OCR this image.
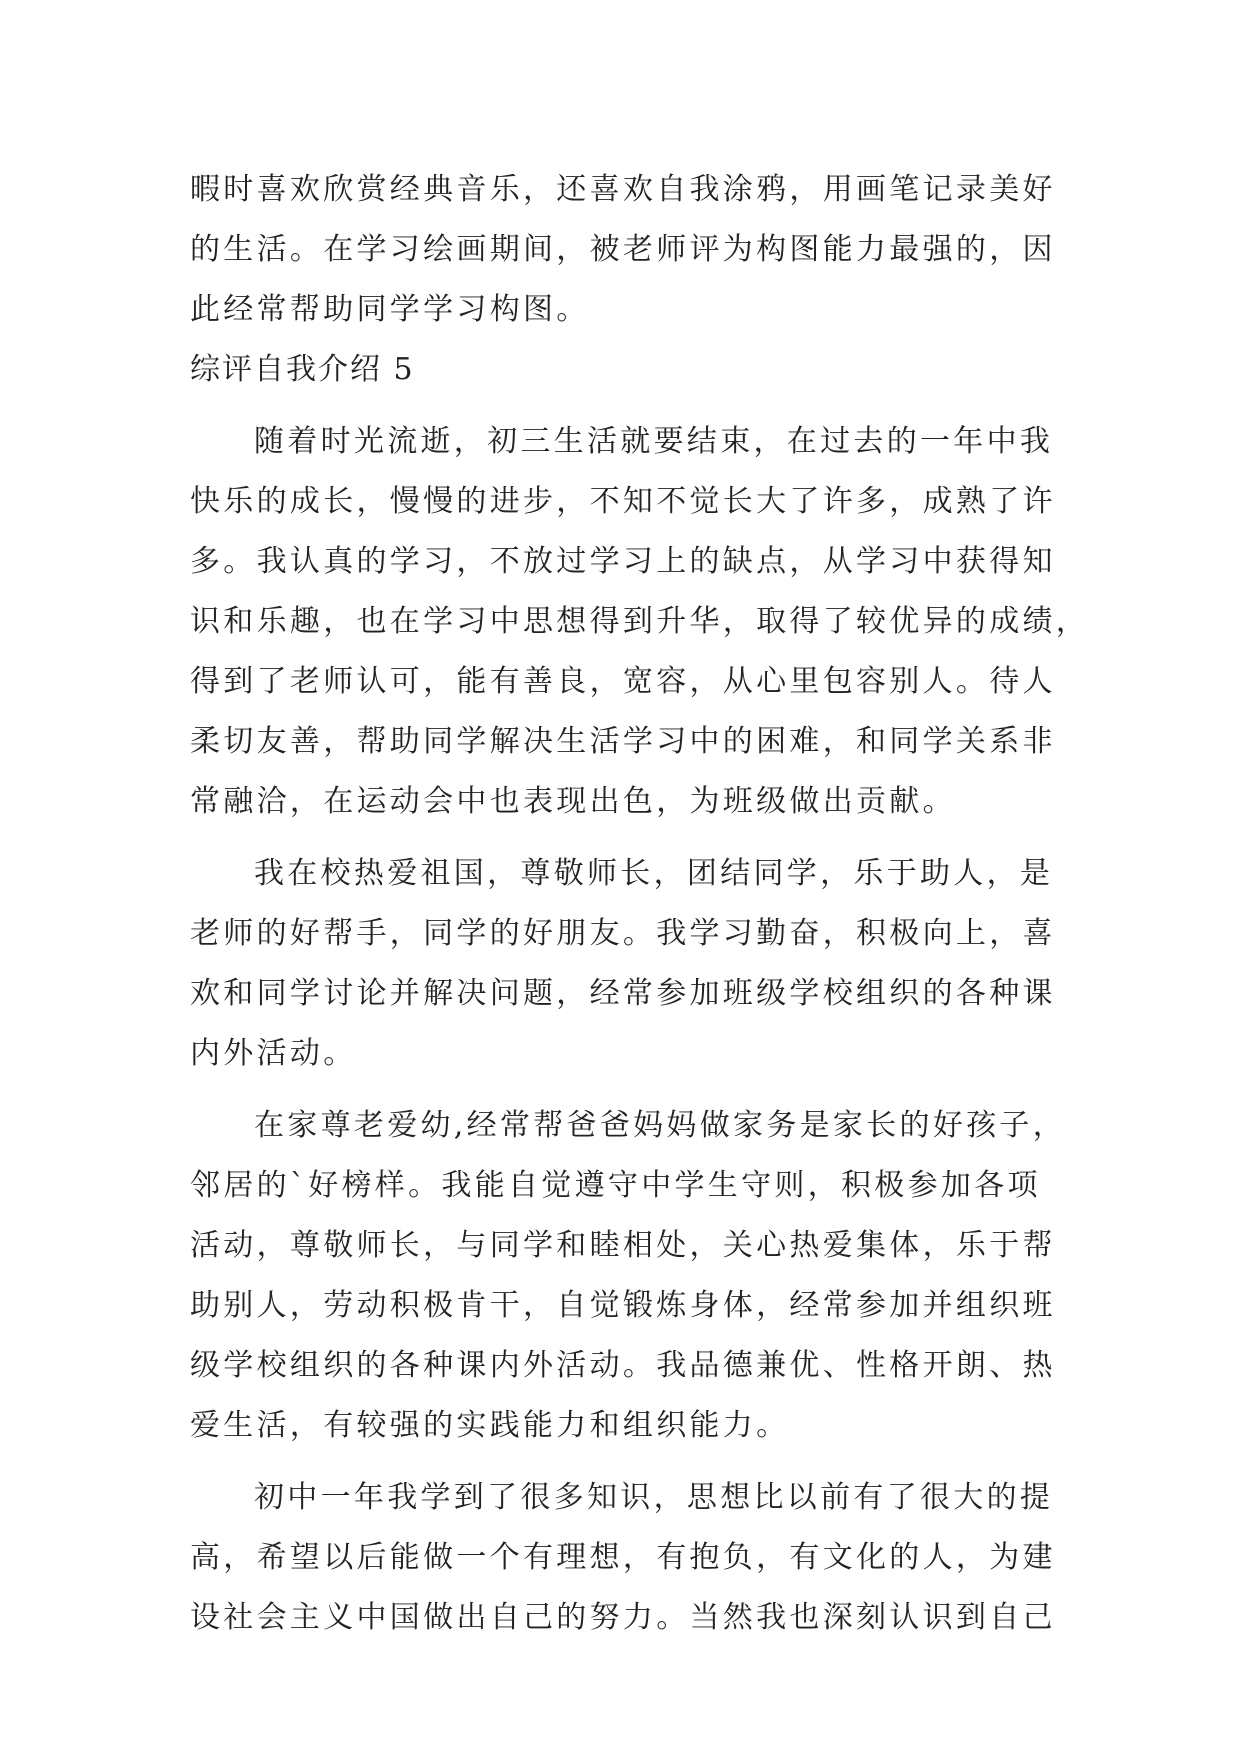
暇时喜欢欣赏经典音乐，还喜欢自我涂鸦，用画笔记录美好
的生活。在学习绘画期间，被老师评为构图能力最强的，因
此经常帮助同学学习构图。
综评自我介绍 5
随着时光流逝，初三生活就要结束，在过去的一年中我
快乐的成长，慢慢的进步，不知不觉长大了许多，成熟了许
多。我认真的学习，不放过学习上的缺点，从学习中获得知
识和乐趣，也在学习中思想得到升华，取得了较优异的成绩，
得到了老师认可，能有善良，宽容，从心里包容别人。待人
柔切友善，帮助同学解决生活学习中的困难，和同学关系非
常融洽，在运动会中也表现出色，为班级做出贡献。
我在校热爱祖国，尊敬师长，团结同学，乐于助人，是
老师的好帮手，同学的好朋友。我学习勤奋，积极向上，喜
欢和同学讨论并解决问题，经常参加班级学校组织的各种课
内外活动。
在家尊老爱幼,经常帮爸爸妈妈做家务是家长的好孩子，
邻居的`好榜样。我能自觉遵守中学生守则，积极参加各项
活动，尊敬师长，与同学和睦相处，关心热爱集体，乐于帮
助别人，劳动积极肯干，自觉锻炼身体，经常参加并组织班
级学校组织的各种课内外活动。我品德兼优、性格开朗、热
爱生活，有较强的实践能力和组织能力。
初中一年我学到了很多知识，思想比以前有了很大的提
高，希望以后能做一个有理想，有抱负，有文化的人，为建
设社会主义中国做出自己的努力。当然我也深刻认识到自己
